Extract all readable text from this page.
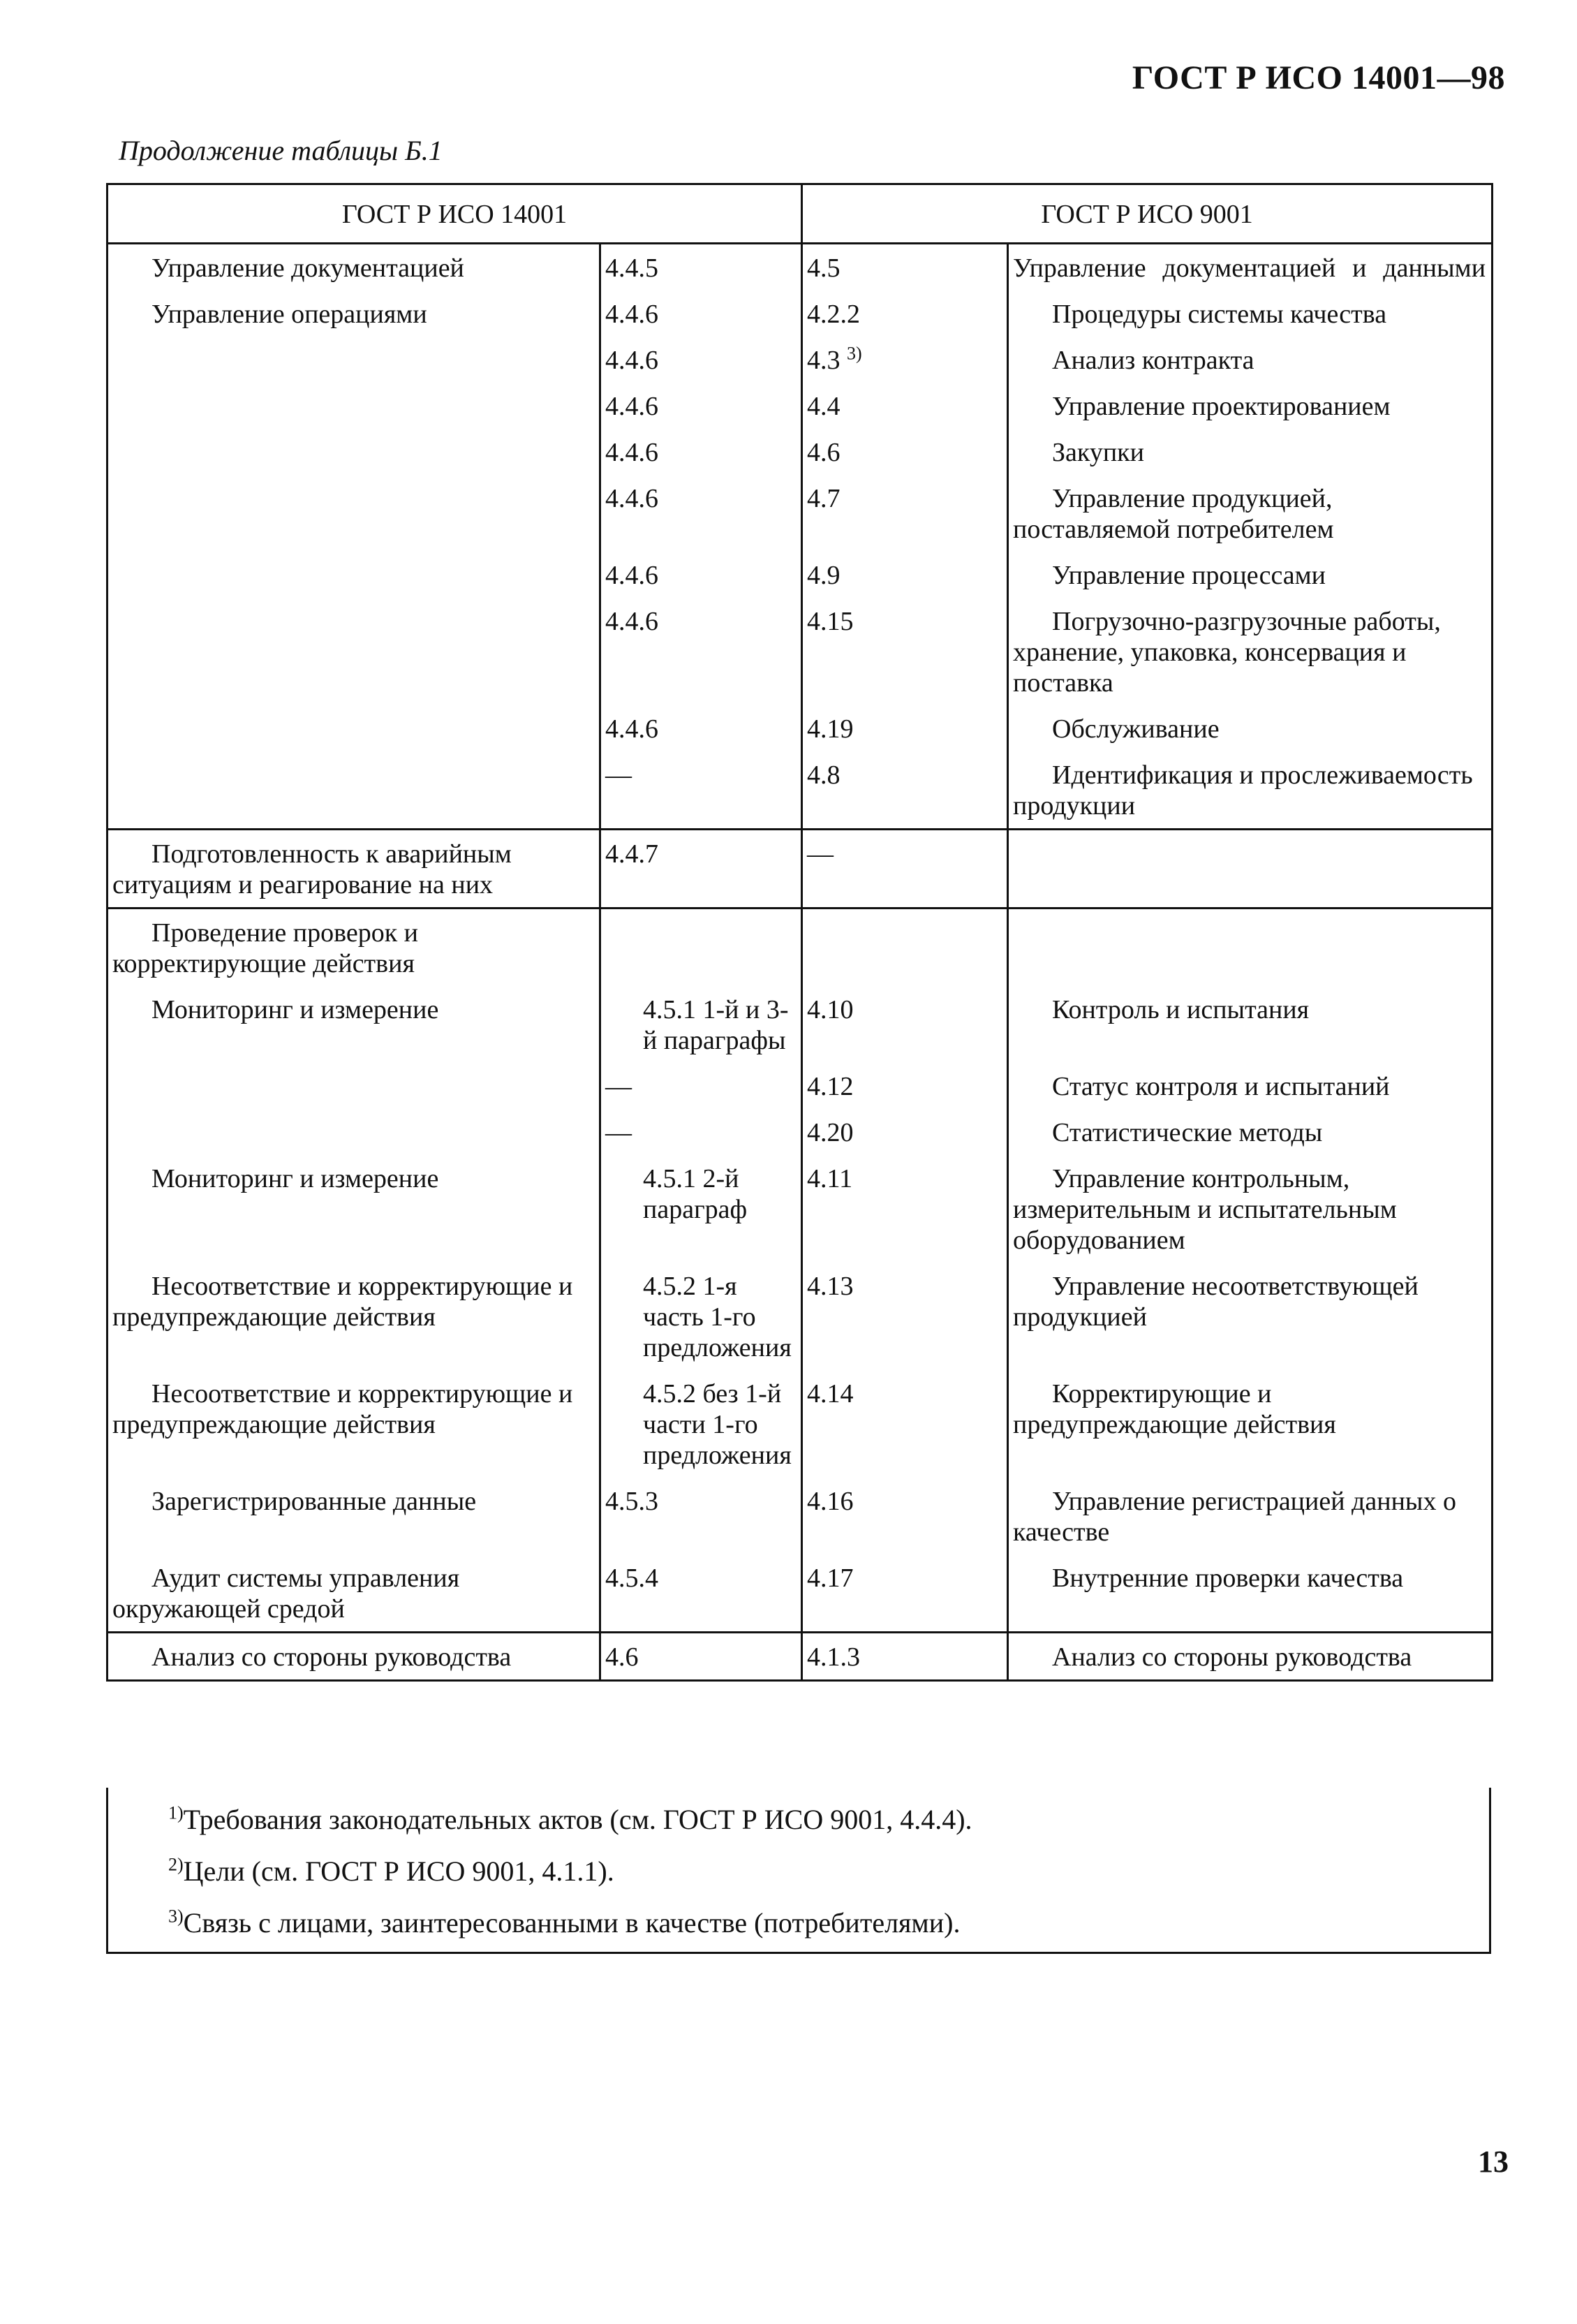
ГОСТ Р ИСО 14001—98
Продолжение таблицы Б.1
ГОСТ Р ИСО 14001		ГОСТ Р ИСО 9001	

Управление документацией	4.4.5	4.5	Управление документацией и данными

Управление операциями	4.4.6	4.2.2	Процедуры системы качества

	4.4.6	4.3 $^{3)}$	Анализ контракта

	4.4.6	4.4	Управление проектированием

	4.4.6	4.6	Закупки

	4.4.6	4.7	Управление продукцией, поставляемой потребителем

	4.4.6	4.9	Управление процессами

	4.4.6	4.15	Погрузочно-разгрузочные работы, хранение, упаковка, консервация и поставка

	4.4.6	4.19	Обслуживание

	—	4.8	Идентификация и прослеживаемость продукции

Подготовленность к аварийным ситуациям и реагирование на них	4.4.7	—	

Проведение проверок и корректирующие действия			

Мониторинг и измерение	4.5.1 1-й и 3-й параграфы	4.10	Контроль и испытания

	—	4.12	Статус контроля и испытаний

	—	4.20	Статистические методы

Мониторинг и измерение	4.5.1 2-й параграф	4.11	Управление контрольным, измерительным и испытательным оборудованием

Несоответствие и корректирующие и предупреждающие действия	4.5.2 1-я часть 1-го предложения	4.13	Управление несоответствующей продукцией

Несоответствие и корректирующие и предупреждающие действия	4.5.2 без 1-й части 1-го предложения	4.14	Корректирующие и предупреждающие действия

Зарегистрированные данные	4.5.3	4.16	Управление регистрацией данных о качестве

Аудит системы управления окружающей средой	4.5.4	4.17	Внутренние проверки качества

Анализ со стороны руководства	4.6	4.1.3	Анализ со стороны руководства
$^{1)}$Требования законодательных актов (см. ГОСТ Р ИСО 9001, 4.4.4).
$^{2)}$Цели (см. ГОСТ Р ИСО 9001, 4.1.1).
$^{3)}$Связь с лицами, заинтересованными в качестве (потребителями).
13
